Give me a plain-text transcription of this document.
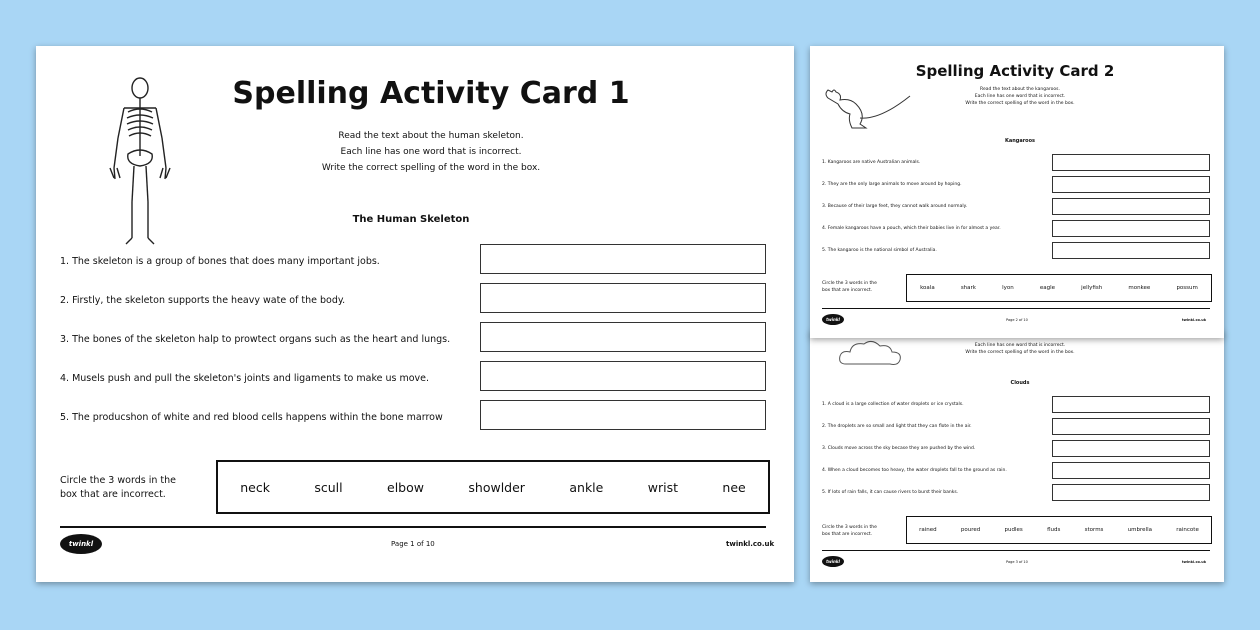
Spelling Activity Card 1
Read the text about the human skeleton.
Each line has one word that is incorrect.
Write the correct spelling of the word in the box.
The Human Skeleton
1. The skeleton is a group of bones that does many important jobs.
2. Firstly, the skeleton supports the heavy wate of the body.
3. The bones of the skeleton halp to prowtect organs such as the heart and lungs.
4. Musels push and pull the skeleton's joints and ligaments to make us move.
5. The producshon of white and red blood cells happens within the bone marrow
Circle the 3 words in the
box that are incorrect.	neck	scull	elbow	showlder	ankle	wrist	nee
twinkl	Page 1 of 10	twinkl.co.uk
Spelling Activity Card 2
Read the text about the kangaroos.
Each line has one word that is incorrect.
Write the correct spelling of the word in the box.
Kangaroos
1. Kangaroos are native Australian animals.
2. They are the only large animals to move around by hoping.
3. Because of their large feet, they cannot walk around normaly.
4. Female kangaroos have a pouch, which their babies live in for almost a year.
5. The kangaroo is the national simbol of Australia.
Circle the 3 words in the
box that are incorrect.	koala	shark	lyon	eagle	jellyfish	monkee	possum
twinkl	Page 2 of 10	twinkl.co.uk
Each line has one word that is incorrect.
Write the correct spelling of the word in the box.
Clouds
1. A cloud is a large collection of water droplets or ice crystals.
2. The droplets are so small and light that they can flote in the air.
3. Clouds move across the sky becase they are pushed by the wind.
4. When a cloud becomes too heavy, the water droplets fall to the ground as rain.
5. If lots of rain falls, it can cause rivers to burst their banks.
Circle the 3 words in the
box that are incorrect.
rained	poured	pudles	fluds	storms	umbrella	raincote
twinkl	Page 3 of 10	twinkl.co.uk
